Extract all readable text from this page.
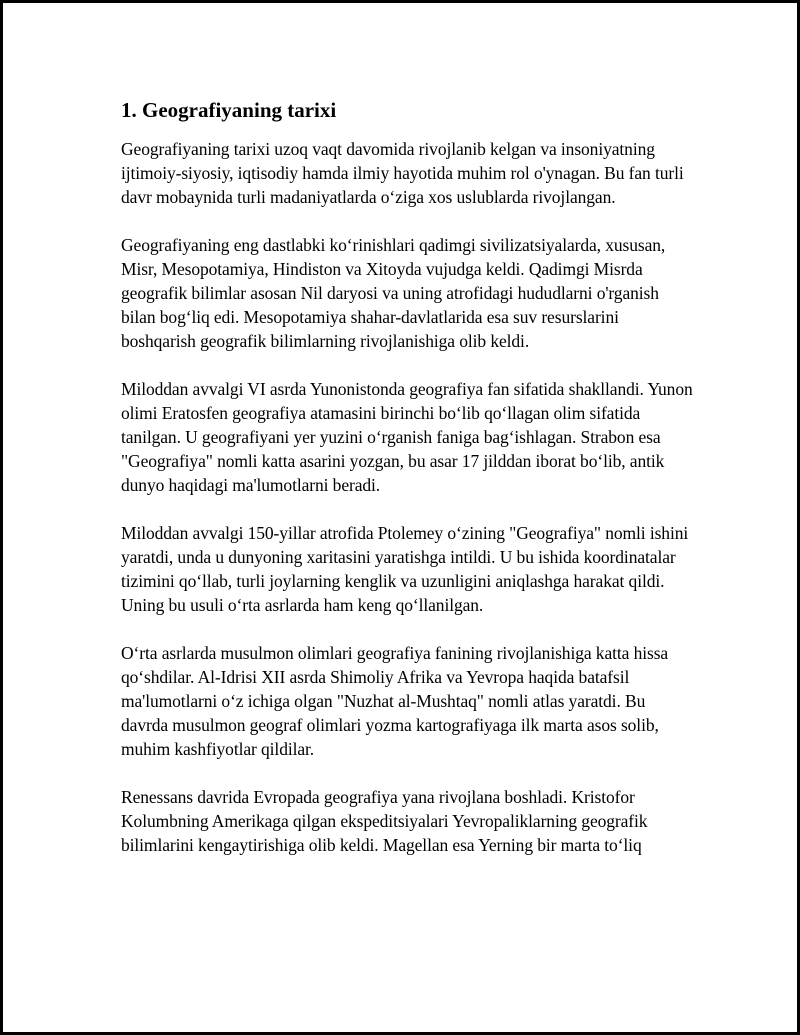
1. Geografiyaning tarixi

Geografiyaning tarixi uzoq vaqt davomida rivojlanib kelgan va insoniyatning ijtimoiy-siyosiy, iqtisodiy hamda ilmiy hayotida muhim rol o'ynagan. Bu fan turli davr mobaynida turli madaniyatlarda o‘ziga xos uslublarda rivojlangan.

Geografiyaning eng dastlabki ko‘rinishlari qadimgi sivilizatsiyalarda, xususan, Misr, Mesopotamiya, Hindiston va Xitoyda vujudga keldi. Qadimgi Misrda geografik bilimlar asosan Nil daryosi va uning atrofidagi hududlarni o'rganish bilan bog‘liq edi. Mesopotamiya shahar-davlatlarida esa suv resurslarini boshqarish geografik bilimlarning rivojlanishiga olib keldi.

Miloddan avvalgi VI asrda Yunonistonda geografiya fan sifatida shakllandi. Yunon olimi Eratosfen geografiya atamasini birinchi bo‘lib qo‘llagan olim sifatida tanilgan. U geografiyani yer yuzini o‘rganish faniga bag‘ishlagan. Strabon esa "Geografiya" nomli katta asarini yozgan, bu asar 17 jilddan iborat bo‘lib, antik dunyo haqidagi ma'lumotlarni beradi.

Miloddan avvalgi 150-yillar atrofida Ptolemey o‘zining "Geografiya" nomli ishini yaratdi, unda u dunyoning xaritasini yaratishga intildi. U bu ishida koordinatalar tizimini qo‘llab, turli joylarning kenglik va uzunligini aniqlashga harakat qildi. Uning bu usuli o‘rta asrlarda ham keng qo‘llanilgan.

O‘rta asrlarda musulmon olimlari geografiya fanining rivojlanishiga katta hissa qo‘shdilar. Al-Idrisi XII asrda Shimoliy Afrika va Yevropa haqida batafsil ma'lumotlarni o‘z ichiga olgan "Nuzhat al-Mushtaq" nomli atlas yaratdi. Bu davrda musulmon geograf olimlari yozma kartografiyaga ilk marta asos solib, muhim kashfiyotlar qildilar.

Renessans davrida Evropada geografiya yana rivojlana boshladi. Kristofor Kolumbning Amerikaga qilgan ekspeditsiyalari Yevropaliklarning geografik bilimlarini kengaytirishiga olib keldi. Magellan esa Yerning bir marta to‘liq
